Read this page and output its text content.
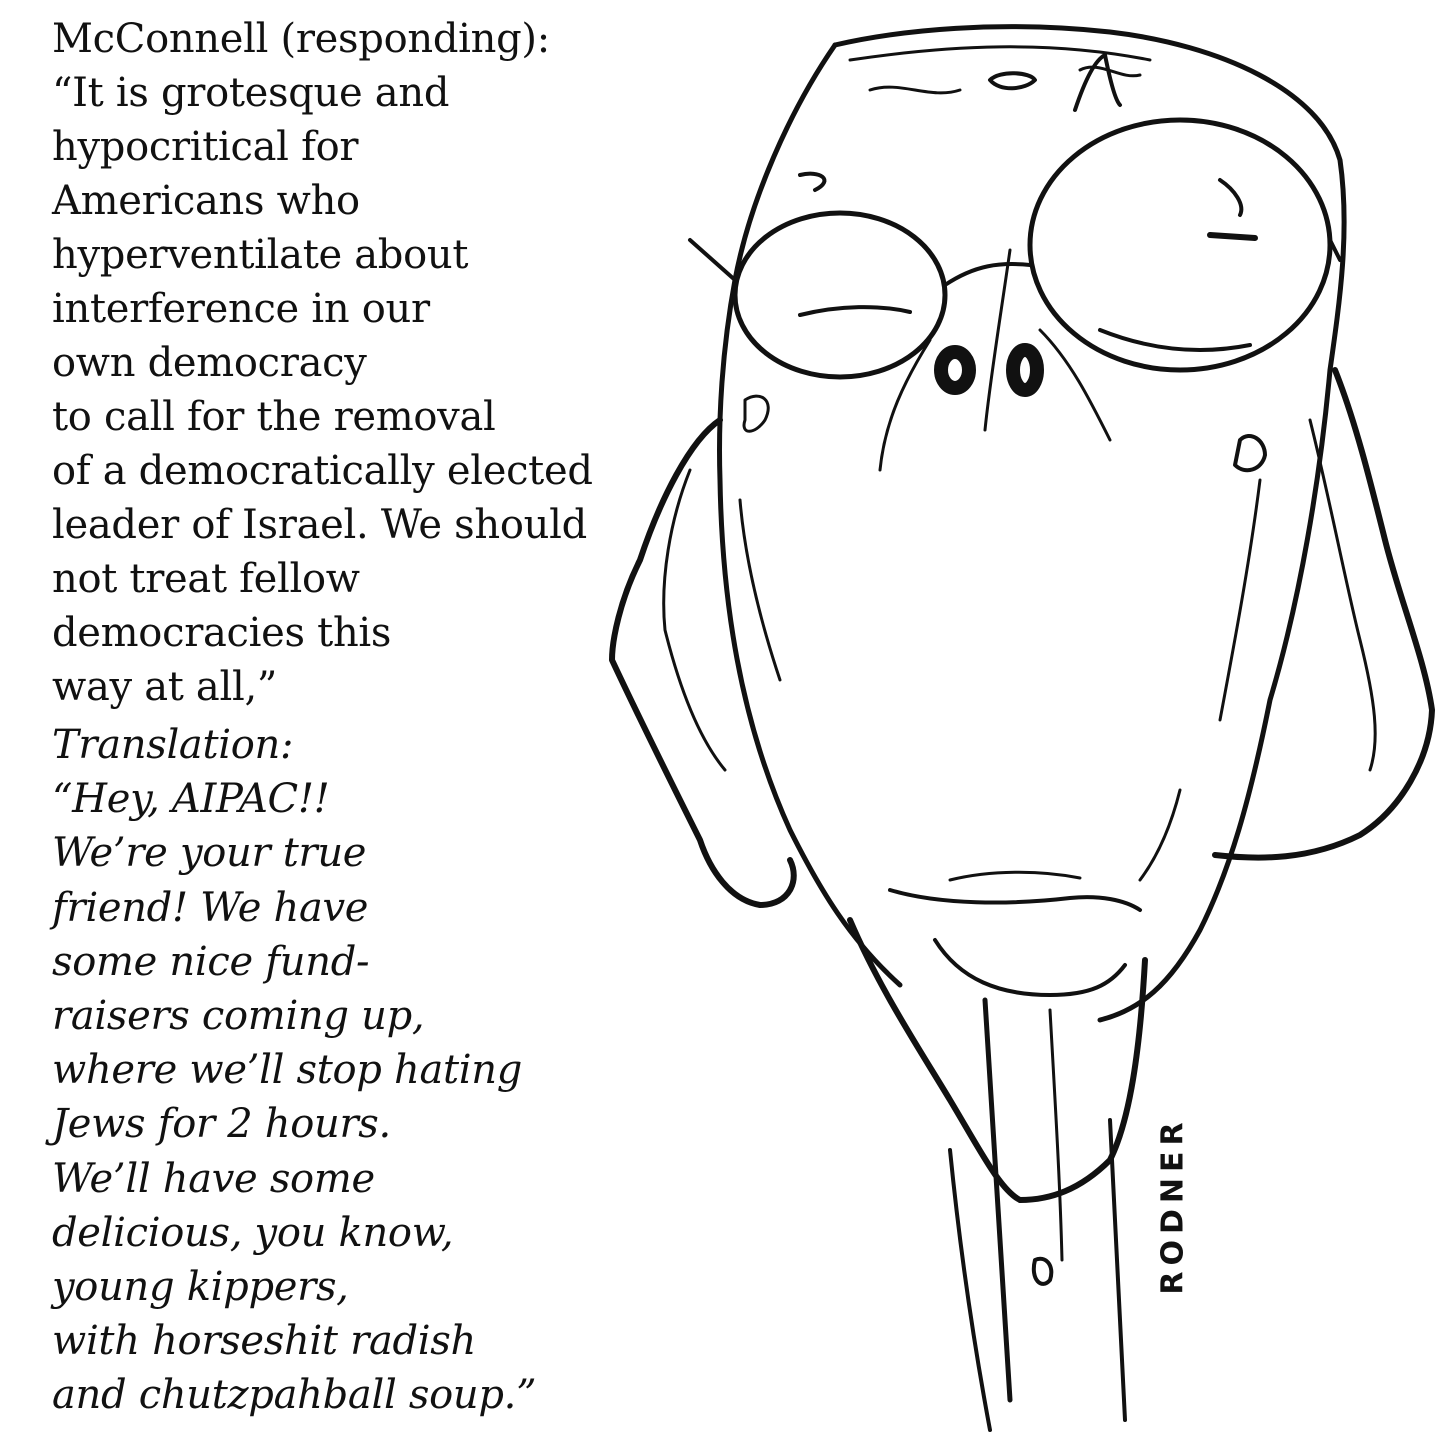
McConnell (responding):
“It is grotesque and
hypocritical for
Americans who
hyperventilate about
interference in our
own democracy
to call for the removal
of a democratically elected
leader of Israel. We should
not treat fellow
democracies this
way at all,”
Translation:
“Hey, AIPAC!!
We’re your true
friend! We have
some nice fund-
raisers coming up,
where we’ll stop hating
Jews for 2 hours.
We’ll have some
delicious, you know,
young kippers,
with horseshit radish
and chutzpahball soup.”
RODNER
